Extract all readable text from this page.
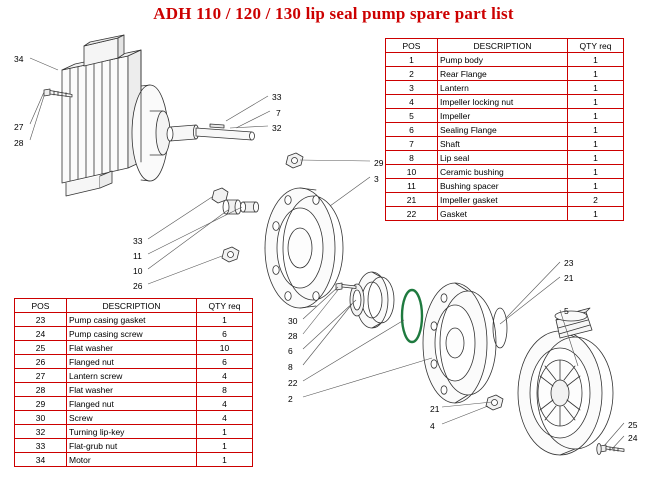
ADH 110 / 120 / 130 lip seal pump spare part list
34
27
28
33
7
32
29
3
33
11
10
26
23
21
5
30
28
6
8
22
2
21
4	25
24
POS	DESCRIPTION	QTY req
1	Pump body	1
2	Rear Flange	1
3	Lantern	1
4	Impeller locking nut	1
5	Impeller	1
6	Sealing Flange	1
7	Shaft	1
8	Lip seal	1
10	Ceramic bushing	1
11	Bushing spacer	1
21	Impeller gasket	2
22	Gasket	1
POS	DESCRIPTION	QTY req
23	Pump casing gasket	1
24	Pump casing screw	6
25	Flat washer	10
26	Flanged nut	6
27	Lantern screw	4
28	Flat washer	8
29	Flanged nut	4
30	Screw	4
32	Turning lip-key	1
33	Flat-grub nut	1
34	Motor	1
